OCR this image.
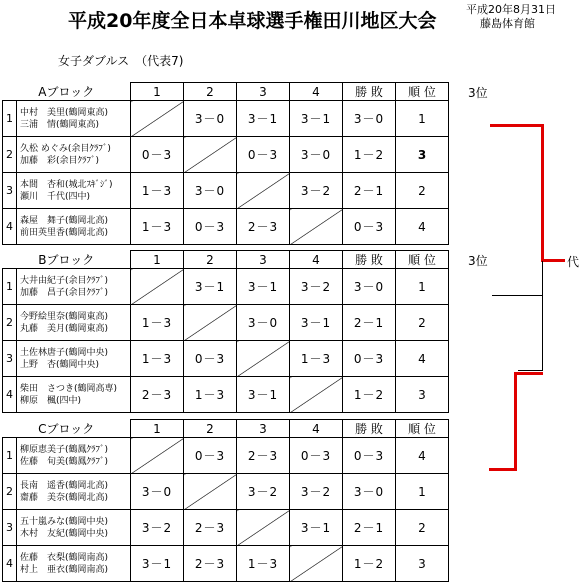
平成20年度全日本卓球選手権田川地区大会
平成20年8月31日
藤島体育館
女子ダブルス　（代表7)
Aブロック		1	2	3	4	勝 敗	順 位
1	中村　美里(鶴岡東高)
三浦　情(鶴岡東高)		3－0	3－1	3－1	3－0	1
2	久松 めぐみ(余目ｸﾗﾌﾞ)
加藤　彩(余目ｸﾗﾌﾞ)	0－3		0－3	3－0	1－2	3
3	本間　杏和(城北ｽｷﾞｼﾞ)
瀬川　千代(四中)	1－3	3－0		3－2	2－1	2
4	森屋　舞子(鶴岡北高)
前田英里香(鶴岡北高)	1－3	0－3	2－3		0－3	4
Bブロック		1	2	3	4	勝 敗	順 位
1	大井由紀子(余目ｸﾗﾌﾞ)
加藤　昌子(余目ｸﾗﾌﾞ)		3－1	3－1	3－2	3－0	1
2	今野絵里奈(鶴岡東高)
丸藤　美月(鶴岡東高)	1－3		3－0	3－1	2－1	2
3	土佐林唐子(鶴岡中央)
上野　杏(鶴岡中央)	1－3	0－3		1－3	0－3	4
4	柴田　さつき(鶴岡高専)
柳原　楓(四中)	2－3	1－3	3－1		1－2	3
Cブロック		1	2	3	4	勝 敗	順 位
1	柳原恵美子(鶴鳳ｸﾗﾌﾞ)
佐藤　旬美(鶴鳳ｸﾗﾌﾞ)		0－3	2－3	0－3	0－3	4
2	長南　遥香(鶴岡北高)
齋藤　美奈(鶴岡北高)	3－0		3－2	3－2	3－0	1
3	五十嵐みな(鶴岡中央)
木村　友紀(鶴岡中央)	3－2	2－3		3－1	2－1	2
4	佐藤　衣梨(鶴岡南高)
村上　亜衣(鶴岡南高)	3－1	2－3	1－3		1－2	3
3位
3位	代
